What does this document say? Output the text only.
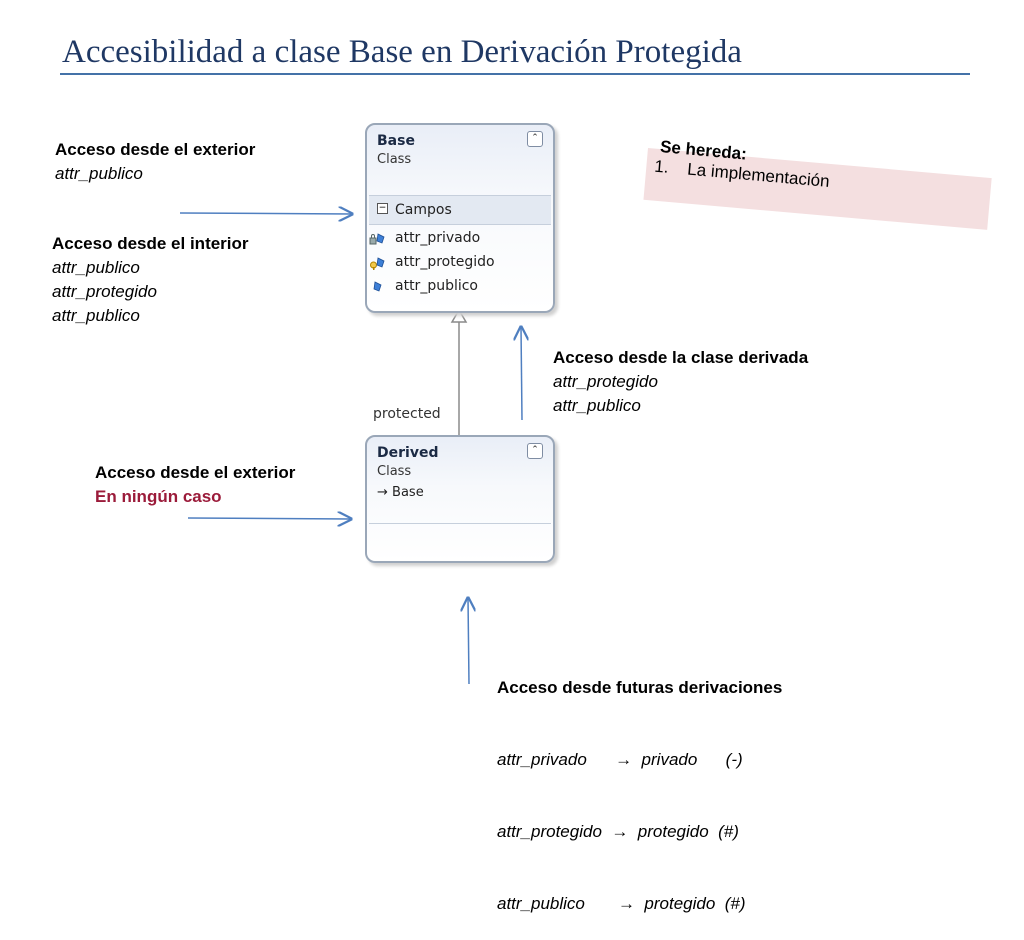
Accesibilidad a clase Base en Derivación Protegida
Se hereda:
1. La implementación
Acceso desde el exterior
attr_publico
Acceso desde el interior
attr_publico
attr_protegido
attr_publico
Acceso desde la clase derivada
attr_protegido
attr_publico
Acceso desde el exterior
En ningún caso

Acceso desde futuras derivaciones

attr_privado      →  privado      (-)

attr_protegido  →  protegido  (#)

attr_publico       →  protegido  (#)

protected
Base
Class
⌃
− Campos
attr_privado
attr_protegido
attr_publico
Derived
Class
⌃
→ Base
